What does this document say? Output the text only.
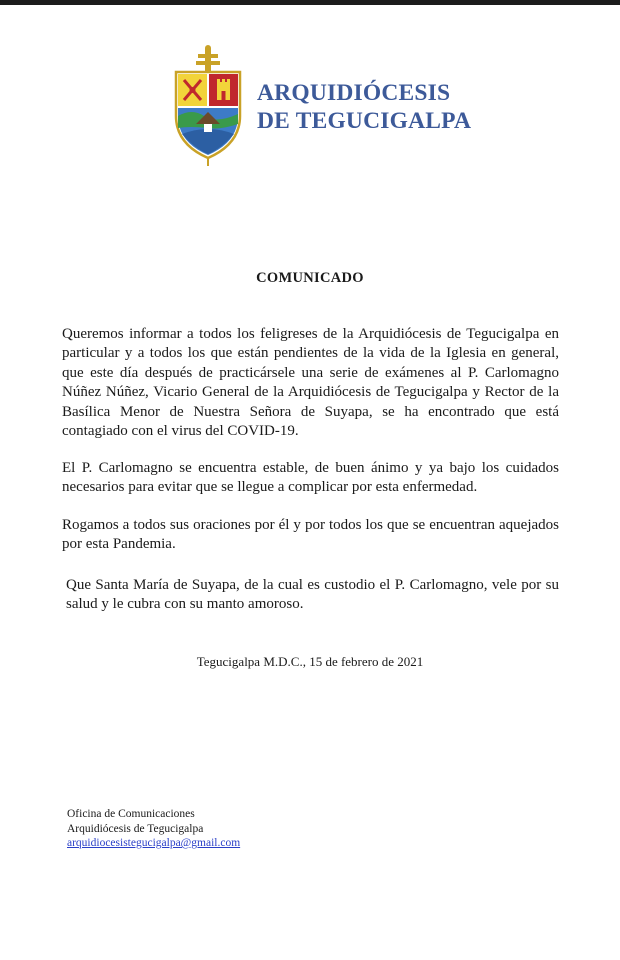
ARQUIDIÓCESIS
DE TEGUCIGALPA
COMUNICADO
Queremos informar a todos los feligreses de la Arquidiócesis de Tegucigalpa en particular y a todos los que están pendientes de la vida de la Iglesia en general, que este día después de practicársele una serie de exámenes al P. Carlomagno Núñez Núñez, Vicario General de la Arquidiócesis de Tegucigalpa y Rector de la Basílica Menor de Nuestra Señora de Suyapa, se ha encontrado que está contagiado con el virus del COVID-19.
El P. Carlomagno se encuentra estable, de buen ánimo y ya bajo los cuidados necesarios para evitar que se llegue a complicar por esta enfermedad.
Rogamos a todos sus oraciones por él y por todos los que se encuentran aquejados por esta Pandemia.
Que Santa María de Suyapa, de la cual es custodio el P. Carlomagno, vele por su salud y le cubra con su manto amoroso.
Tegucigalpa M.D.C., 15 de febrero de 2021
Oficina de Comunicaciones
Arquidiócesis de Tegucigalpa
arquidiocesistegucigalpa@gmail.com
